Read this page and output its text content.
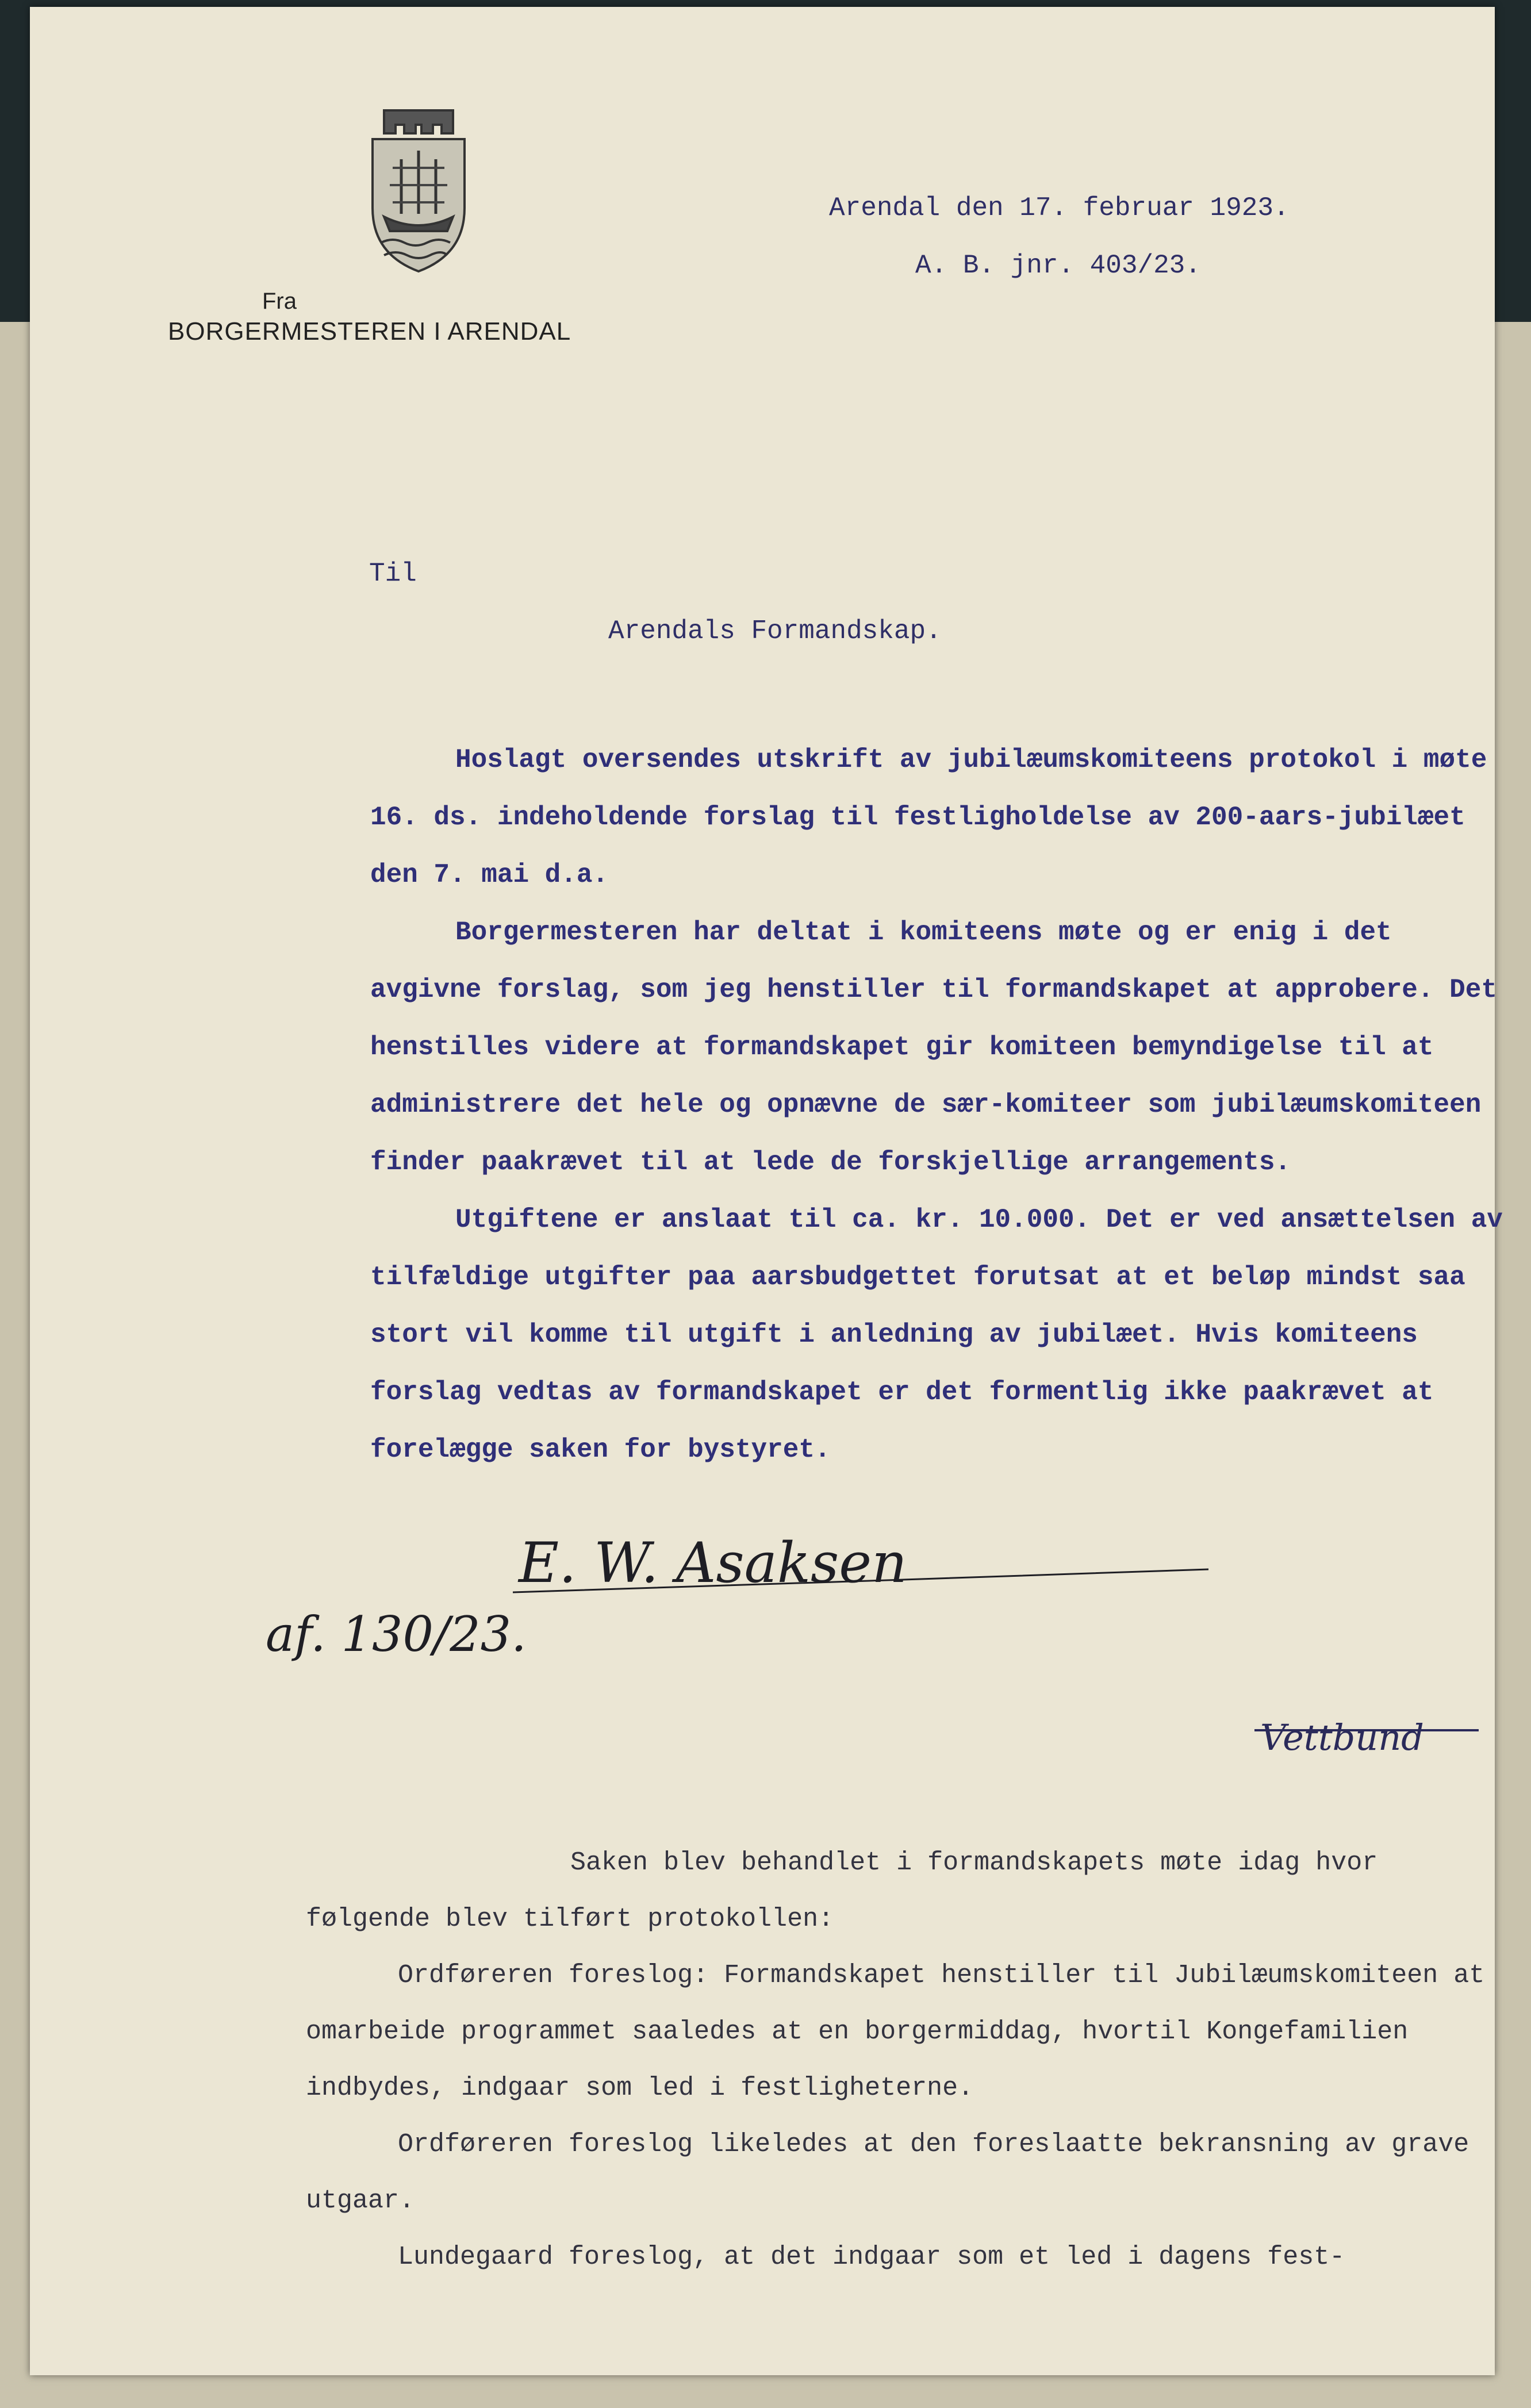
Fra
BORGERMESTEREN I ARENDAL
Arendal den 17. februar 1923.
A. B. jnr. 403/23.
Til
Arendals Formandskap.

Hoslagt oversendes utskrift av jubilæumskomiteens protokol i møte 16. ds. indeholdende forslag til festligholdelse av 200-aars-jubilæet den 7. mai d.a.

Borgermesteren har deltat i komiteens møte og er enig i det avgivne forslag, som jeg henstiller til formandskapet at approbere. Det henstilles videre at formandskapet gir komiteen bemyndigelse til at administrere det hele og opnævne de sær-komiteer som jubilæumskomiteen finder paakrævet til at lede de forskjellige arrangements.

Utgiftene er anslaat til ca. kr. 10.000. Det er ved ansættelsen av tilfældige utgifter paa aarsbudgettet forutsat at et beløp mindst saa stort vil komme til utgift i anledning av jubilæet. Hvis komiteens forslag vedtas av formandskapet er det formentlig ikke paakrævet at forelægge saken for bystyret.

E. W. Asaksen
af. 130/23.
Vettbund

Saken blev behandlet i formandskapets møte idag hvor følgende blev tilført protokollen:

Ordføreren foreslog: Formandskapet henstiller til Jubilæumskomiteen at omarbeide programmet saaledes at en borgermiddag, hvortil Kongefamilien indbydes, indgaar som led i festligheterne.

Ordføreren foreslog likeledes at den foreslaatte bekransning av grave utgaar.

Lundegaard foreslog, at det indgaar som et led i dagens fest-
